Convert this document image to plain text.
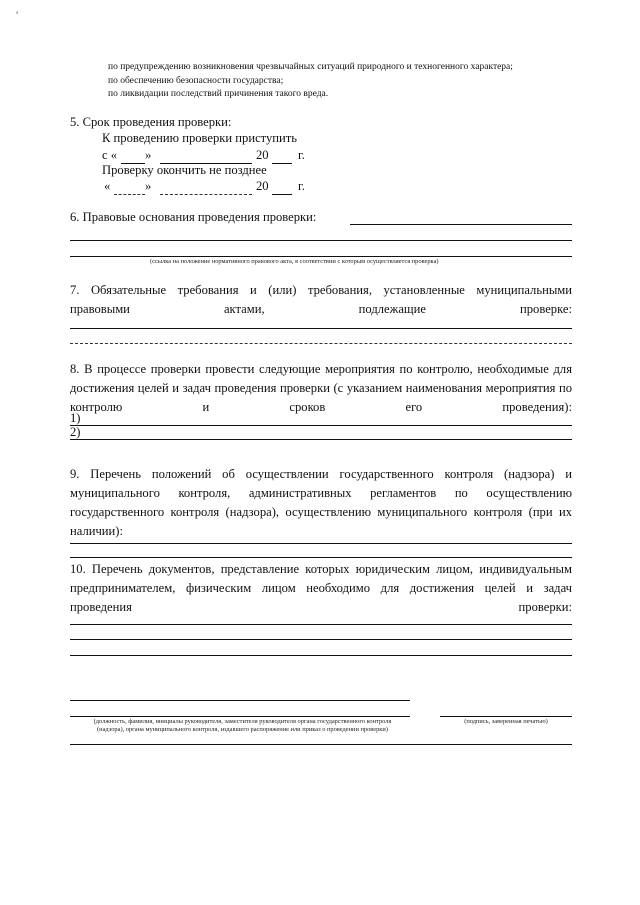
'
по предупреждению возникновения чрезвычайных ситуаций природного и техногенного характера;
по обеспечению безопасности государства;
по ликвидации последствий причинения такого вреда.
5. Срок проведения проверки:
К проведению проверки приступить
с « »	20 г.
Проверку окончить не позднее
«	»	20 г.
6. Правовые основания проведения проверки:
(ссылка на положение нормативного правового акта, в соответствии с которым осуществляется проверка)
7. Обязательные требования и (или) требования, установленные муниципальными правовыми актами, подлежащие проверке:
8. В процессе проверки провести следующие мероприятия по контролю, необходимые для достижения целей и задач проведения проверки (с указанием наименования мероприятия по контролю и сроков его проведения):
1)
2)
9. Перечень положений об осуществлении государственного контроля (надзора) и муниципального контроля, административных регламентов по осуществлению государственного контроля (надзора), осуществлению муниципального контроля (при их наличии):
10. Перечень документов, представление которых юридическим лицом, индивидуальным предпринимателем, физическим лицом необходимо для достижения целей и задач проведения проверки:
(должность, фамилия, инициалы руководителя, заместителя руководителя органа государственного контроля (надзора), органа муниципального контроля, издавшего распоряжение или приказ о проведении проверки)
(подпись, заверенная печатью)
